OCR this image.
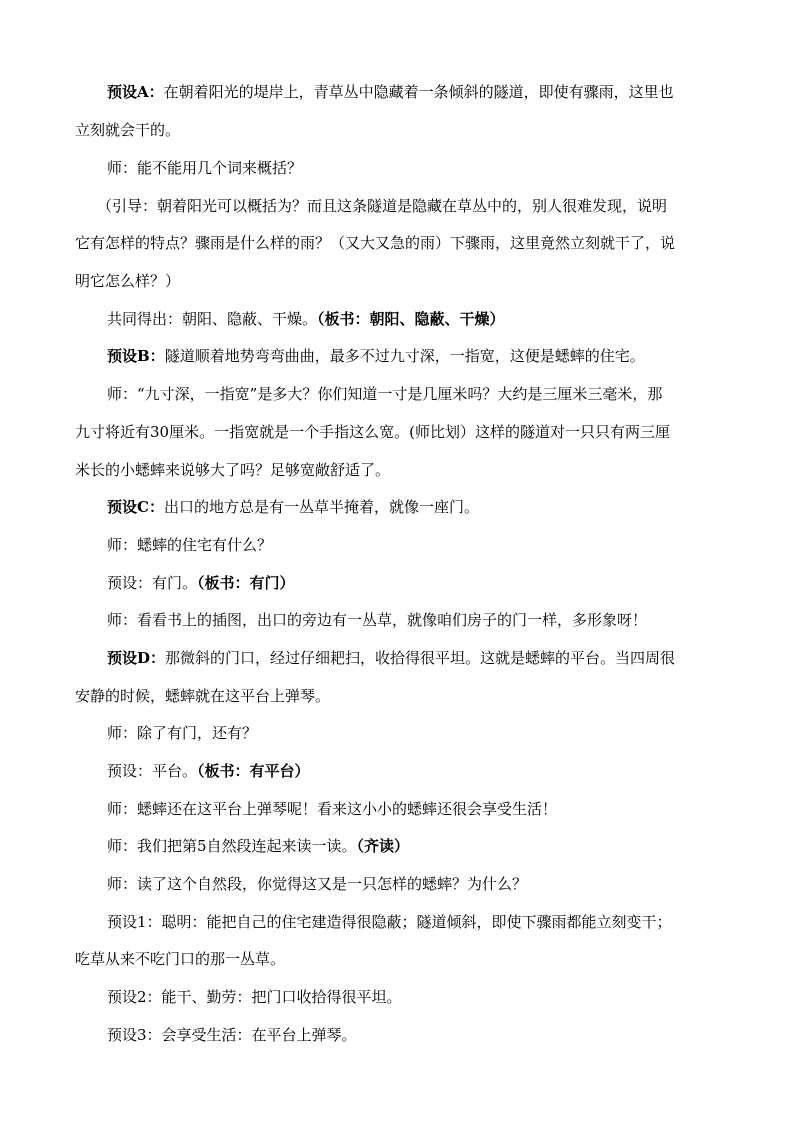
预设A：在朝着阳光的堤岸上，青草丛中隐藏着一条倾斜的隧道，即使有骤雨，这里也
立刻就会干的。
师：能不能用几个词来概括？
（引导：朝着阳光可以概括为？而且这条隧道是隐藏在草丛中的，别人很难发现，说明
它有怎样的特点？骤雨是什么样的雨？（又大又急的雨）下骤雨，这里竟然立刻就干了，说
明它怎么样？）
共同得出：朝阳、隐蔽、干燥。（板书：朝阳、隐蔽、干燥）
预设B：隧道顺着地势弯弯曲曲，最多不过九寸深，一指宽，这便是蟋蟀的住宅。
师：“九寸深，一指宽”是多大？你们知道一寸是几厘米吗？大约是三厘米三毫米，那
九寸将近有30厘米。一指宽就是一个手指这么宽。(师比划）这样的隧道对一只只有两三厘
米长的小蟋蟀来说够大了吗？足够宽敞舒适了。
预设C：出口的地方总是有一丛草半掩着，就像一座门。
师：蟋蟀的住宅有什么？
预设：有门。（板书：有门）
师：看看书上的插图，出口的旁边有一丛草，就像咱们房子的门一样，多形象呀！
预设D：那微斜的门口，经过仔细耙扫，收拾得很平坦。这就是蟋蟀的平台。当四周很
安静的时候，蟋蟀就在这平台上弹琴。
师：除了有门，还有？
预设：平台。（板书：有平台）
师：蟋蟀还在这平台上弹琴呢！看来这小小的蟋蟀还很会享受生活！
师：我们把第5自然段连起来读一读。（齐读）
师：读了这个自然段，你觉得这又是一只怎样的蟋蟀？为什么？
预设1：聪明：能把自己的住宅建造得很隐蔽；隧道倾斜，即使下骤雨都能立刻变干；
吃草从来不吃门口的那一丛草。
预设2：能干、勤劳：把门口收拾得很平坦。
预设3：会享受生活：在平台上弹琴。
